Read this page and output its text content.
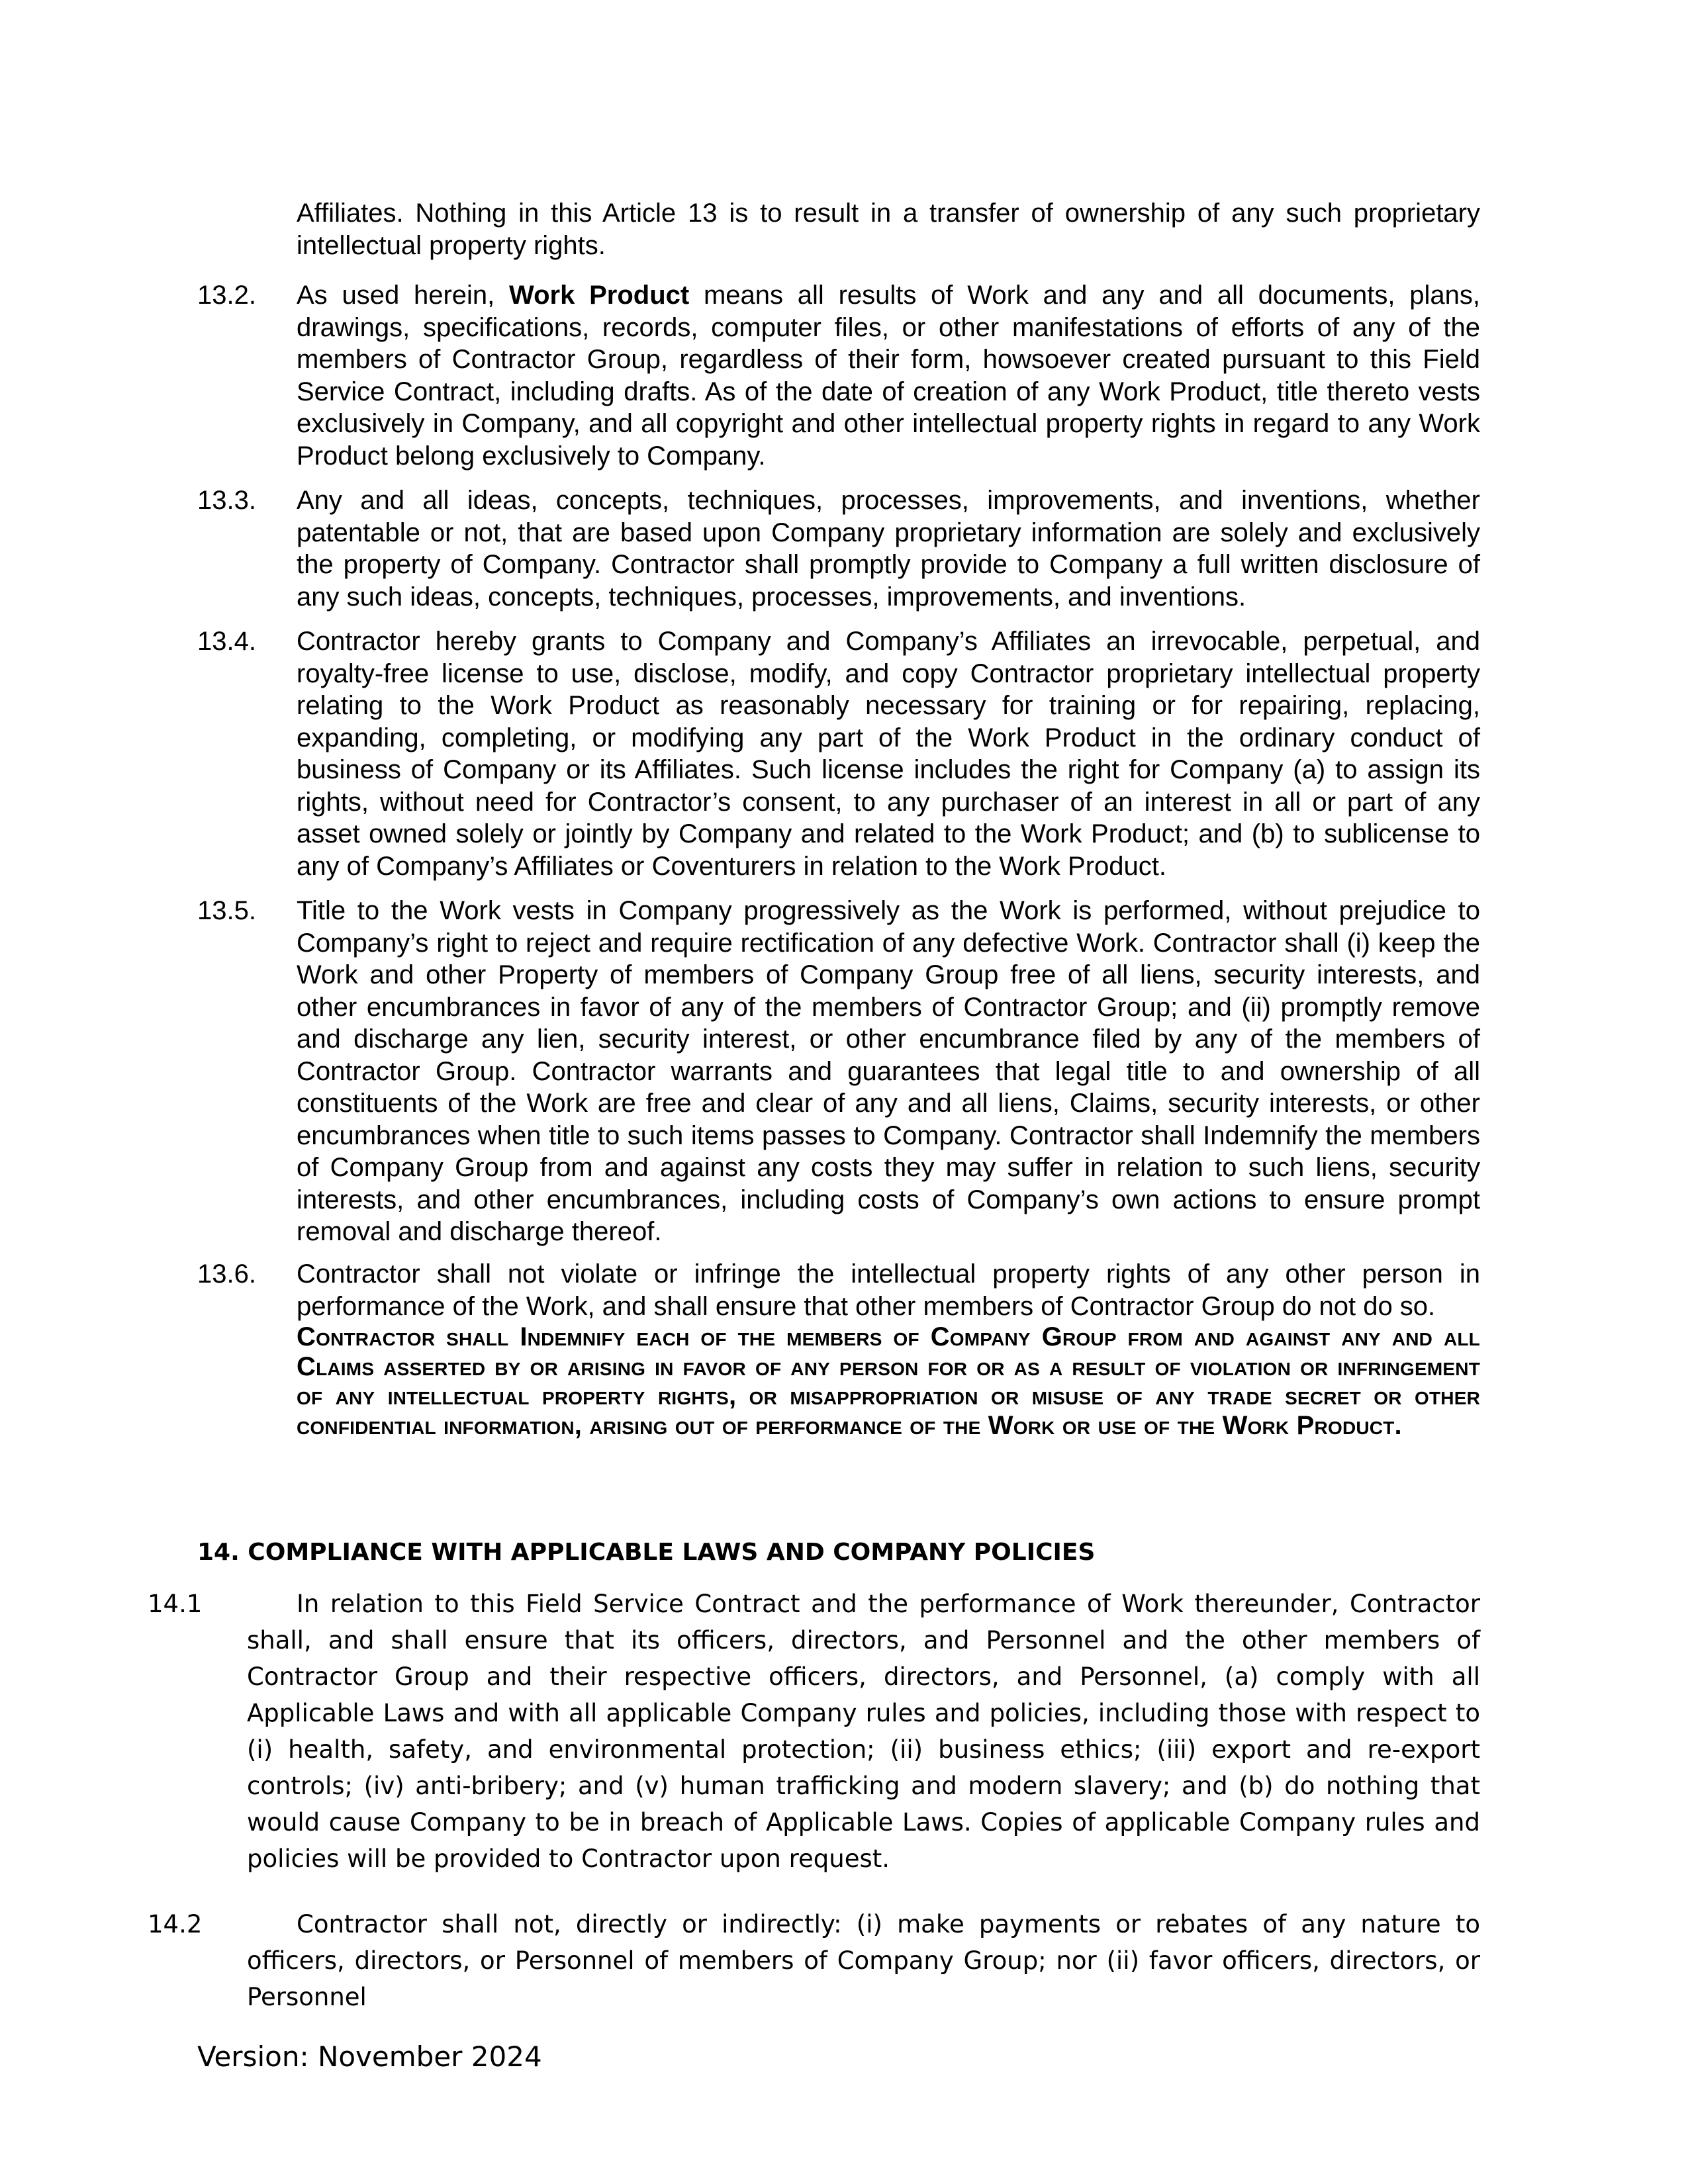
Affiliates. Nothing in this Article 13 is to result in a transfer of ownership of any such proprietary intellectual property rights.

13.2. As used herein, Work Product means all results of Work and any and all documents, plans, drawings, specifications, records, computer files, or other manifestations of efforts of any of the members of Contractor Group, regardless of their form, howsoever created pursuant to this Field Service Contract, including drafts. As of the date of creation of any Work Product, title thereto vests exclusively in Company, and all copyright and other intellectual property rights in regard to any Work Product belong exclusively to Company.
13.3. Any and all ideas, concepts, techniques, processes, improvements, and inventions, whether patentable or not, that are based upon Company proprietary information are solely and exclusively the property of Company. Contractor shall promptly provide to Company a full written disclosure of any such ideas, concepts, techniques, processes, improvements, and inventions.
13.4. Contractor hereby grants to Company and Company’s Affiliates an irrevocable, perpetual, and royalty-free license to use, disclose, modify, and copy Contractor proprietary intellectual property relating to the Work Product as reasonably necessary for training or for repairing, replacing, expanding, completing, or modifying any part of the Work Product in the ordinary conduct of business of Company or its Affiliates. Such license includes the right for Company (a) to assign its rights, without need for Contractor’s consent, to any purchaser of an interest in all or part of any asset owned solely or jointly by Company and related to the Work Product; and (b) to sublicense to any of Company’s Affiliates or Coventurers in relation to the Work Product.
13.5. Title to the Work vests in Company progressively as the Work is performed, without prejudice to Company’s right to reject and require rectification of any defective Work. Contractor shall (i) keep the Work and other Property of members of Company Group free of all liens, security interests, and other encumbrances in favor of any of the members of Contractor Group; and (ii) promptly remove and discharge any lien, security interest, or other encumbrance filed by any of the members of Contractor Group. Contractor warrants and guarantees that legal title to and ownership of all constituents of the Work are free and clear of any and all liens, Claims, security interests, or other encumbrances when title to such items passes to Company. Contractor shall Indemnify the members of Company Group from and against any costs they may suffer in relation to such liens, security interests, and other encumbrances, including costs of Company’s own actions to ensure prompt removal and discharge thereof.
13.6. Contractor shall not violate or infringe the intellectual property rights of any other person in performance of the Work, and shall ensure that other members of Contractor Group do not do so.
Contractor shall Indemnify each of the members of Company Group from and against any and all Claims asserted by or arising in favor of any person for or as a result of violation or infringement of any intellectual property rights, or misappropriation or misuse of any trade secret or other confidential information, arising out of performance of the Work or use of the Work Product.
14. COMPLIANCE WITH APPLICABLE LAWS AND COMPANY POLICIES
14.1	In relation to this Field Service Contract and the performance of Work thereunder, Contractor shall, and shall ensure that its officers, directors, and Personnel and the other members of Contractor Group and their respective officers, directors, and Personnel, (a) comply with all Applicable Laws and with all applicable Company rules and policies, including those with respect to (i) health, safety, and environmental protection; (ii) business ethics; (iii) export and re-export controls; (iv) anti-bribery; and (v) human trafficking and modern slavery; and (b) do nothing that would cause Company to be in breach of Applicable Laws. Copies of applicable Company rules and policies will be provided to Contractor upon request.
14.2	Contractor shall not, directly or indirectly: (i) make payments or rebates of any nature to officers, directors, or Personnel of members of Company Group; nor (ii) favor officers, directors, or Personnel
Version: November 2024
